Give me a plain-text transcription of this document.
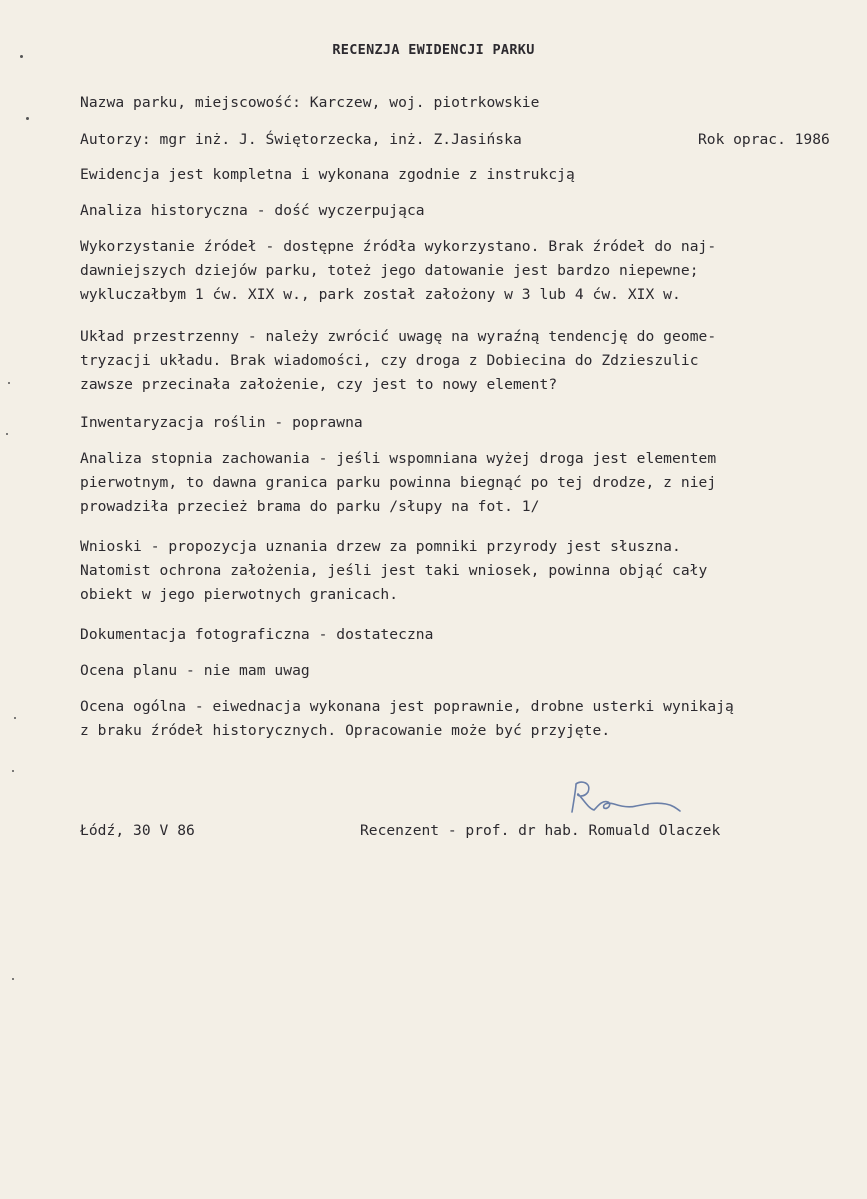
RECENZJA EWIDENCJI PARKU
Nazwa parku, miejscowość: Karczew, woj. piotrkowskie
Autorzy: mgr inż. J. Świętorzecka, inż. Z.Jasińska	Rok oprac. 1986
Ewidencja jest kompletna i wykonana zgodnie z instrukcją
Analiza historyczna - dość wyczerpująca
Wykorzystanie źródeł - dostępne źródła wykorzystano. Brak źródeł do naj-
dawniejszych dziejów parku, toteż jego datowanie jest bardzo niepewne;
wykluczałbym 1 ćw. XIX w., park został założony w 3 lub 4 ćw. XIX w.
Układ przestrzenny - należy zwrócić uwagę na wyraźną tendencję do geome-
tryzacji układu. Brak wiadomości, czy droga z Dobiecina do Zdzieszulic
zawsze przecinała założenie, czy jest to nowy element?
Inwentaryzacja roślin - poprawna
Analiza stopnia zachowania - jeśli wspomniana wyżej droga jest elementem
pierwotnym, to dawna granica parku powinna biegnąć po tej drodze, z niej
prowadziła przecież brama do parku /słupy na fot. 1/
Wnioski - propozycja uznania drzew za pomniki przyrody jest słuszna.
Natomist ochrona założenia, jeśli jest taki wniosek, powinna objąć cały
obiekt w jego pierwotnych granicach.
Dokumentacja fotograficzna - dostateczna
Ocena planu - nie mam uwag
Ocena ogólna - eiwednacja wykonana jest poprawnie, drobne usterki wynikają
z braku źródeł historycznych. Opracowanie może być przyjęte.
Łódź, 30 V 86	Recenzent - prof. dr hab. Romuald Olaczek
